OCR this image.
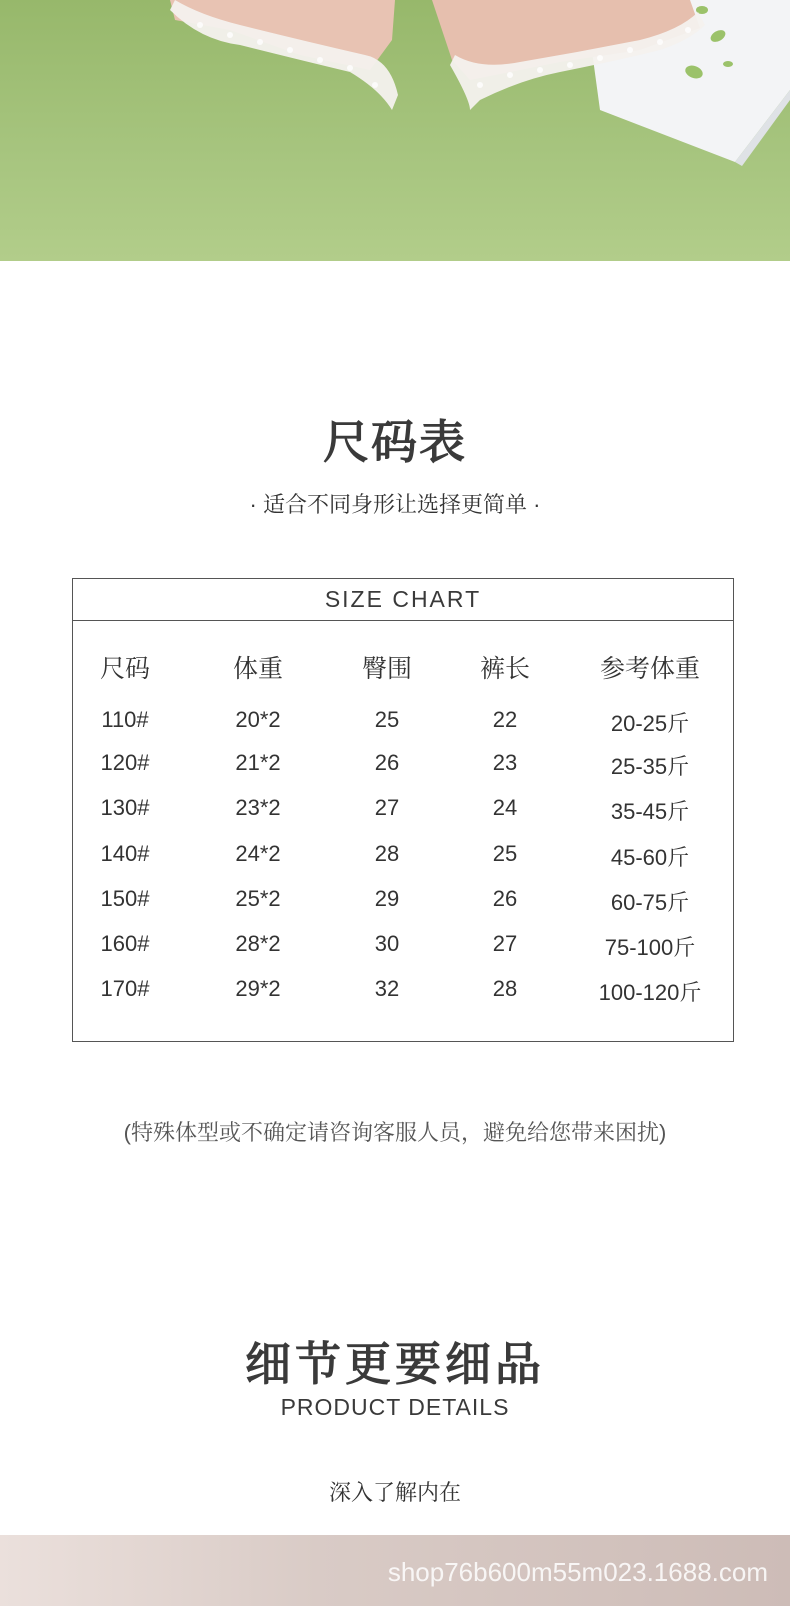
尺码表
· 适合不同身形让选择更简单 ·
SIZE CHART
尺码	体重	臀围	裤长	参考体重
110#	20*2	25	22	20-25斤
120#	21*2	26	23	25-35斤
130#	23*2	27	24	35-45斤
140#	24*2	28	25	45-60斤
150#	25*2	29	26	60-75斤
160#	28*2	30	27	75-100斤
170#	29*2	32	28	100-120斤
(特殊体型或不确定请咨询客服人员，避免给您带来困扰)
细节更要细品
PRODUCT DETAILS
深入了解内在
shop76b600m55m023.1688.com
